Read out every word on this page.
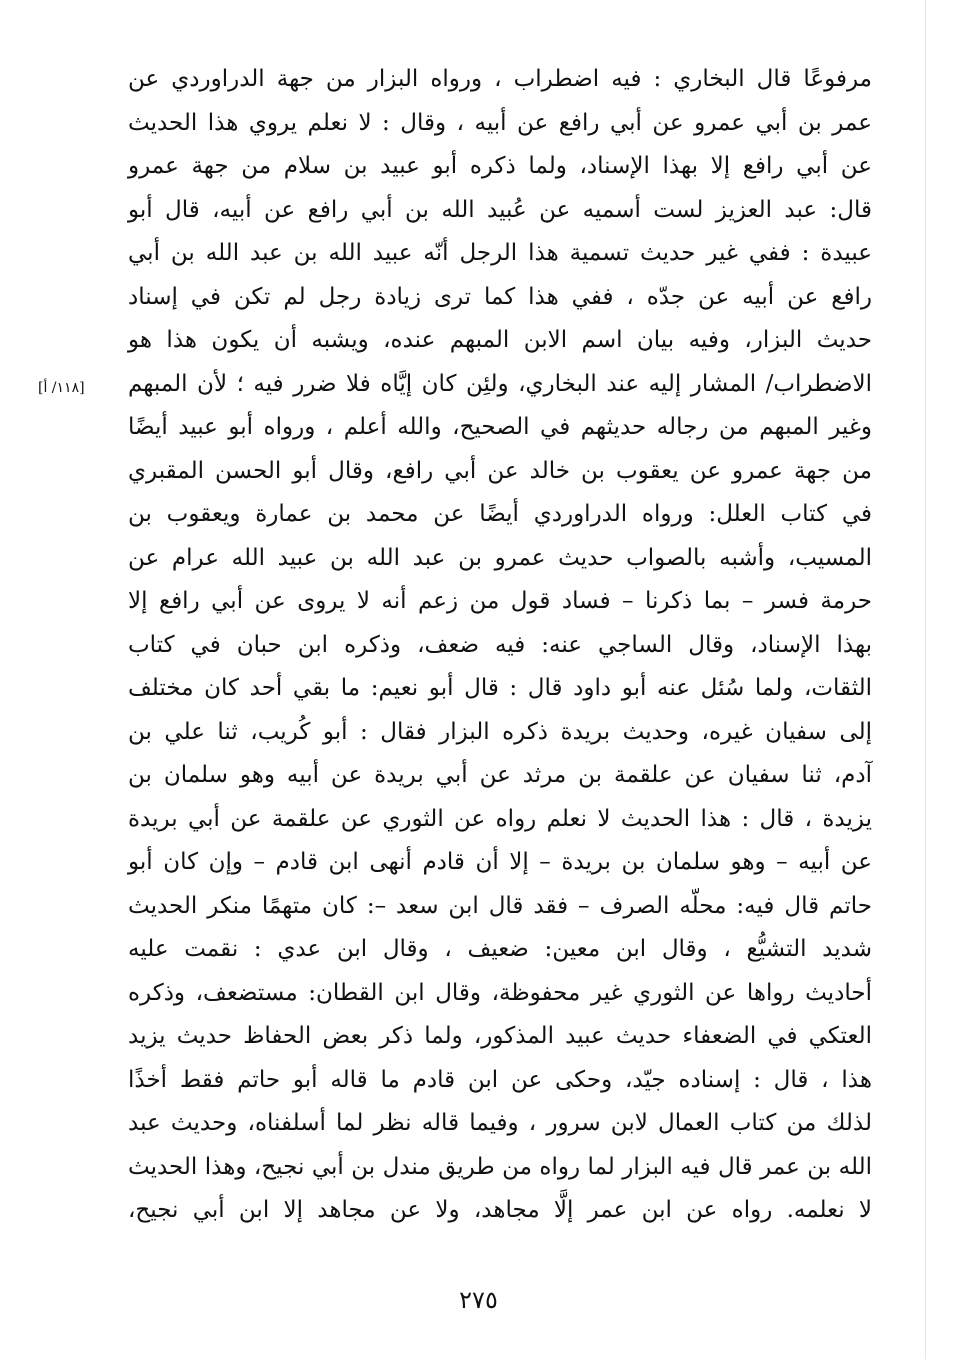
مرفوعًا قال البخاري : فيه اضطراب ، ورواه البزار من جهة الدراوردي عن
عمر بن أبي عمرو عن أبي رافع عن أبيه ، وقال : لا نعلم يروي هذا الحديث
عن أبي رافع إلا بهذا الإسناد، ولما ذكره أبو عبيد بن سلام من جهة عمرو
قال: عبد العزيز لست أسميه عن عُبيد الله بن أبي رافع عن أبيه، قال أبو
عبيدة : ففي غير حديث تسمية هذا الرجل أنّه عبيد الله بن عبد الله بن أبي
رافع عن أبيه عن جدّه ، ففي هذا كما ترى زيادة رجل لم تكن في إسناد
حديث البزار، وفيه بيان اسم الابن المبهم عنده، ويشبه أن يكون هذا هو
الاضطراب/ المشار إليه عند البخاري، ولئِن كان إيَّاه فلا ضرر فيه ؛ لأن المبهم
وغير المبهم من رجاله حديثهم في الصحيح، والله أعلم ، ورواه أبو عبيد أيضًا
من جهة عمرو عن يعقوب بن خالد عن أبي رافع، وقال أبو الحسن المقبري
في كتاب العلل: ورواه الدراوردي أيضًا عن محمد بن عمارة ويعقوب بن
المسيب، وأشبه بالصواب حديث عمرو بن عبد الله بن عبيد الله عرام عن
حرمة فسر – بما ذكرنا – فساد قول من زعم أنه لا يروى عن أبي رافع إلا
بهذا الإسناد، وقال الساجي عنه: فيه ضعف، وذكره ابن حبان في كتاب
الثقات، ولما سُئل عنه أبو داود قال : قال أبو نعيم: ما بقي أحد كان مختلف
إلى سفيان غيره، وحديث بريدة ذكره البزار فقال : أبو كُريب، ثنا علي بن
آدم، ثنا سفيان عن علقمة بن مرثد عن أبي بريدة عن أبيه وهو سلمان بن
يزيدة ، قال : هذا الحديث لا نعلم رواه عن الثوري عن علقمة عن أبي بريدة
عن أبيه – وهو سلمان بن بريدة – إلا أن قادم أنهى ابن قادم – وإن كان أبو
حاتم قال فيه: محلّه الصرف – فقد قال ابن سعد –: كان متهمًا منكر الحديث
شديد التشيُّع ، وقال ابن معين: ضعيف ، وقال ابن عدي : نقمت عليه
أحاديث رواها عن الثوري غير محفوظة، وقال ابن القطان: مستضعف، وذكره
العتكي في الضعفاء حديث عبيد المذكور، ولما ذكر بعض الحفاظ حديث يزيد
هذا ، قال : إسناده جيّد، وحكى عن ابن قادم ما قاله أبو حاتم فقط أخذًا
لذلك من كتاب العمال لابن سرور ، وفيما قاله نظر لما أسلفناه، وحديث عبد
الله بن عمر قال فيه البزار لما رواه من طريق مندل بن أبي نجيح، وهذا الحديث
لا نعلمه. رواه عن ابن عمر إلَّا مجاهد، ولا عن مجاهد إلا ابن أبي نجيح،
[١١٨/ أ]
٢٧٥
